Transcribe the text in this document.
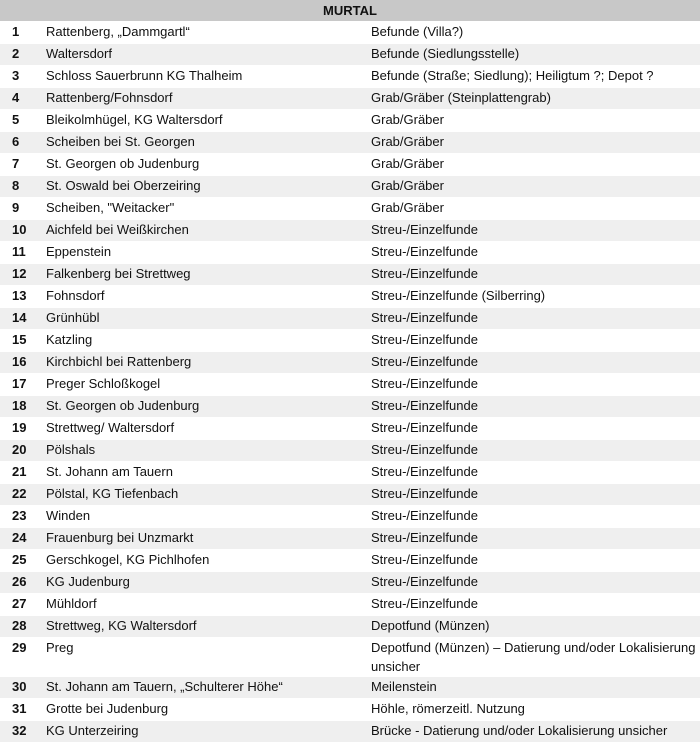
MURTAL		
1	Rattenberg, „Dammgartl“	Befunde (Villa?)
2	Waltersdorf	Befunde (Siedlungsstelle)
3	Schloss Sauerbrunn KG Thalheim	Befunde (Straße; Siedlung); Heiligtum ?; Depot ?
4	Rattenberg/Fohnsdorf	Grab/Gräber (Steinplattengrab)
5	Bleikolmhügel, KG Waltersdorf	Grab/Gräber
6	Scheiben bei St. Georgen	Grab/Gräber
7	St. Georgen ob Judenburg	Grab/Gräber
8	St. Oswald bei Oberzeiring	Grab/Gräber
9	Scheiben, "Weitacker"	Grab/Gräber
10	Aichfeld bei Weißkirchen	Streu-/Einzelfunde
11	Eppenstein	Streu-/Einzelfunde
12	Falkenberg bei Strettweg	Streu-/Einzelfunde
13	Fohnsdorf	Streu-/Einzelfunde (Silberring)
14	Grünhübl	Streu-/Einzelfunde
15	Katzling	Streu-/Einzelfunde
16	Kirchbichl bei Rattenberg	Streu-/Einzelfunde
17	Preger Schloßkogel	Streu-/Einzelfunde
18	St. Georgen ob Judenburg	Streu-/Einzelfunde
19	Strettweg/ Waltersdorf	Streu-/Einzelfunde
20	Pölshals	Streu-/Einzelfunde
21	St. Johann am Tauern	Streu-/Einzelfunde
22	Pölstal, KG Tiefenbach	Streu-/Einzelfunde
23	Winden	Streu-/Einzelfunde
24	Frauenburg bei Unzmarkt	Streu-/Einzelfunde
25	Gerschkogel, KG Pichlhofen	Streu-/Einzelfunde
26	KG Judenburg	Streu-/Einzelfunde
27	Mühldorf	Streu-/Einzelfunde
28	Strettweg, KG Waltersdorf	Depotfund (Münzen)
29	Preg	Depotfund (Münzen) – Datierung und/oder Lokalisierung unsicher
30	St. Johann am Tauern, „Schulterer Höhe“	Meilenstein
31	Grotte bei Judenburg	Höhle, römerzeitl. Nutzung
32	KG Unterzeiring	Brücke - Datierung und/oder Lokalisierung unsicher
